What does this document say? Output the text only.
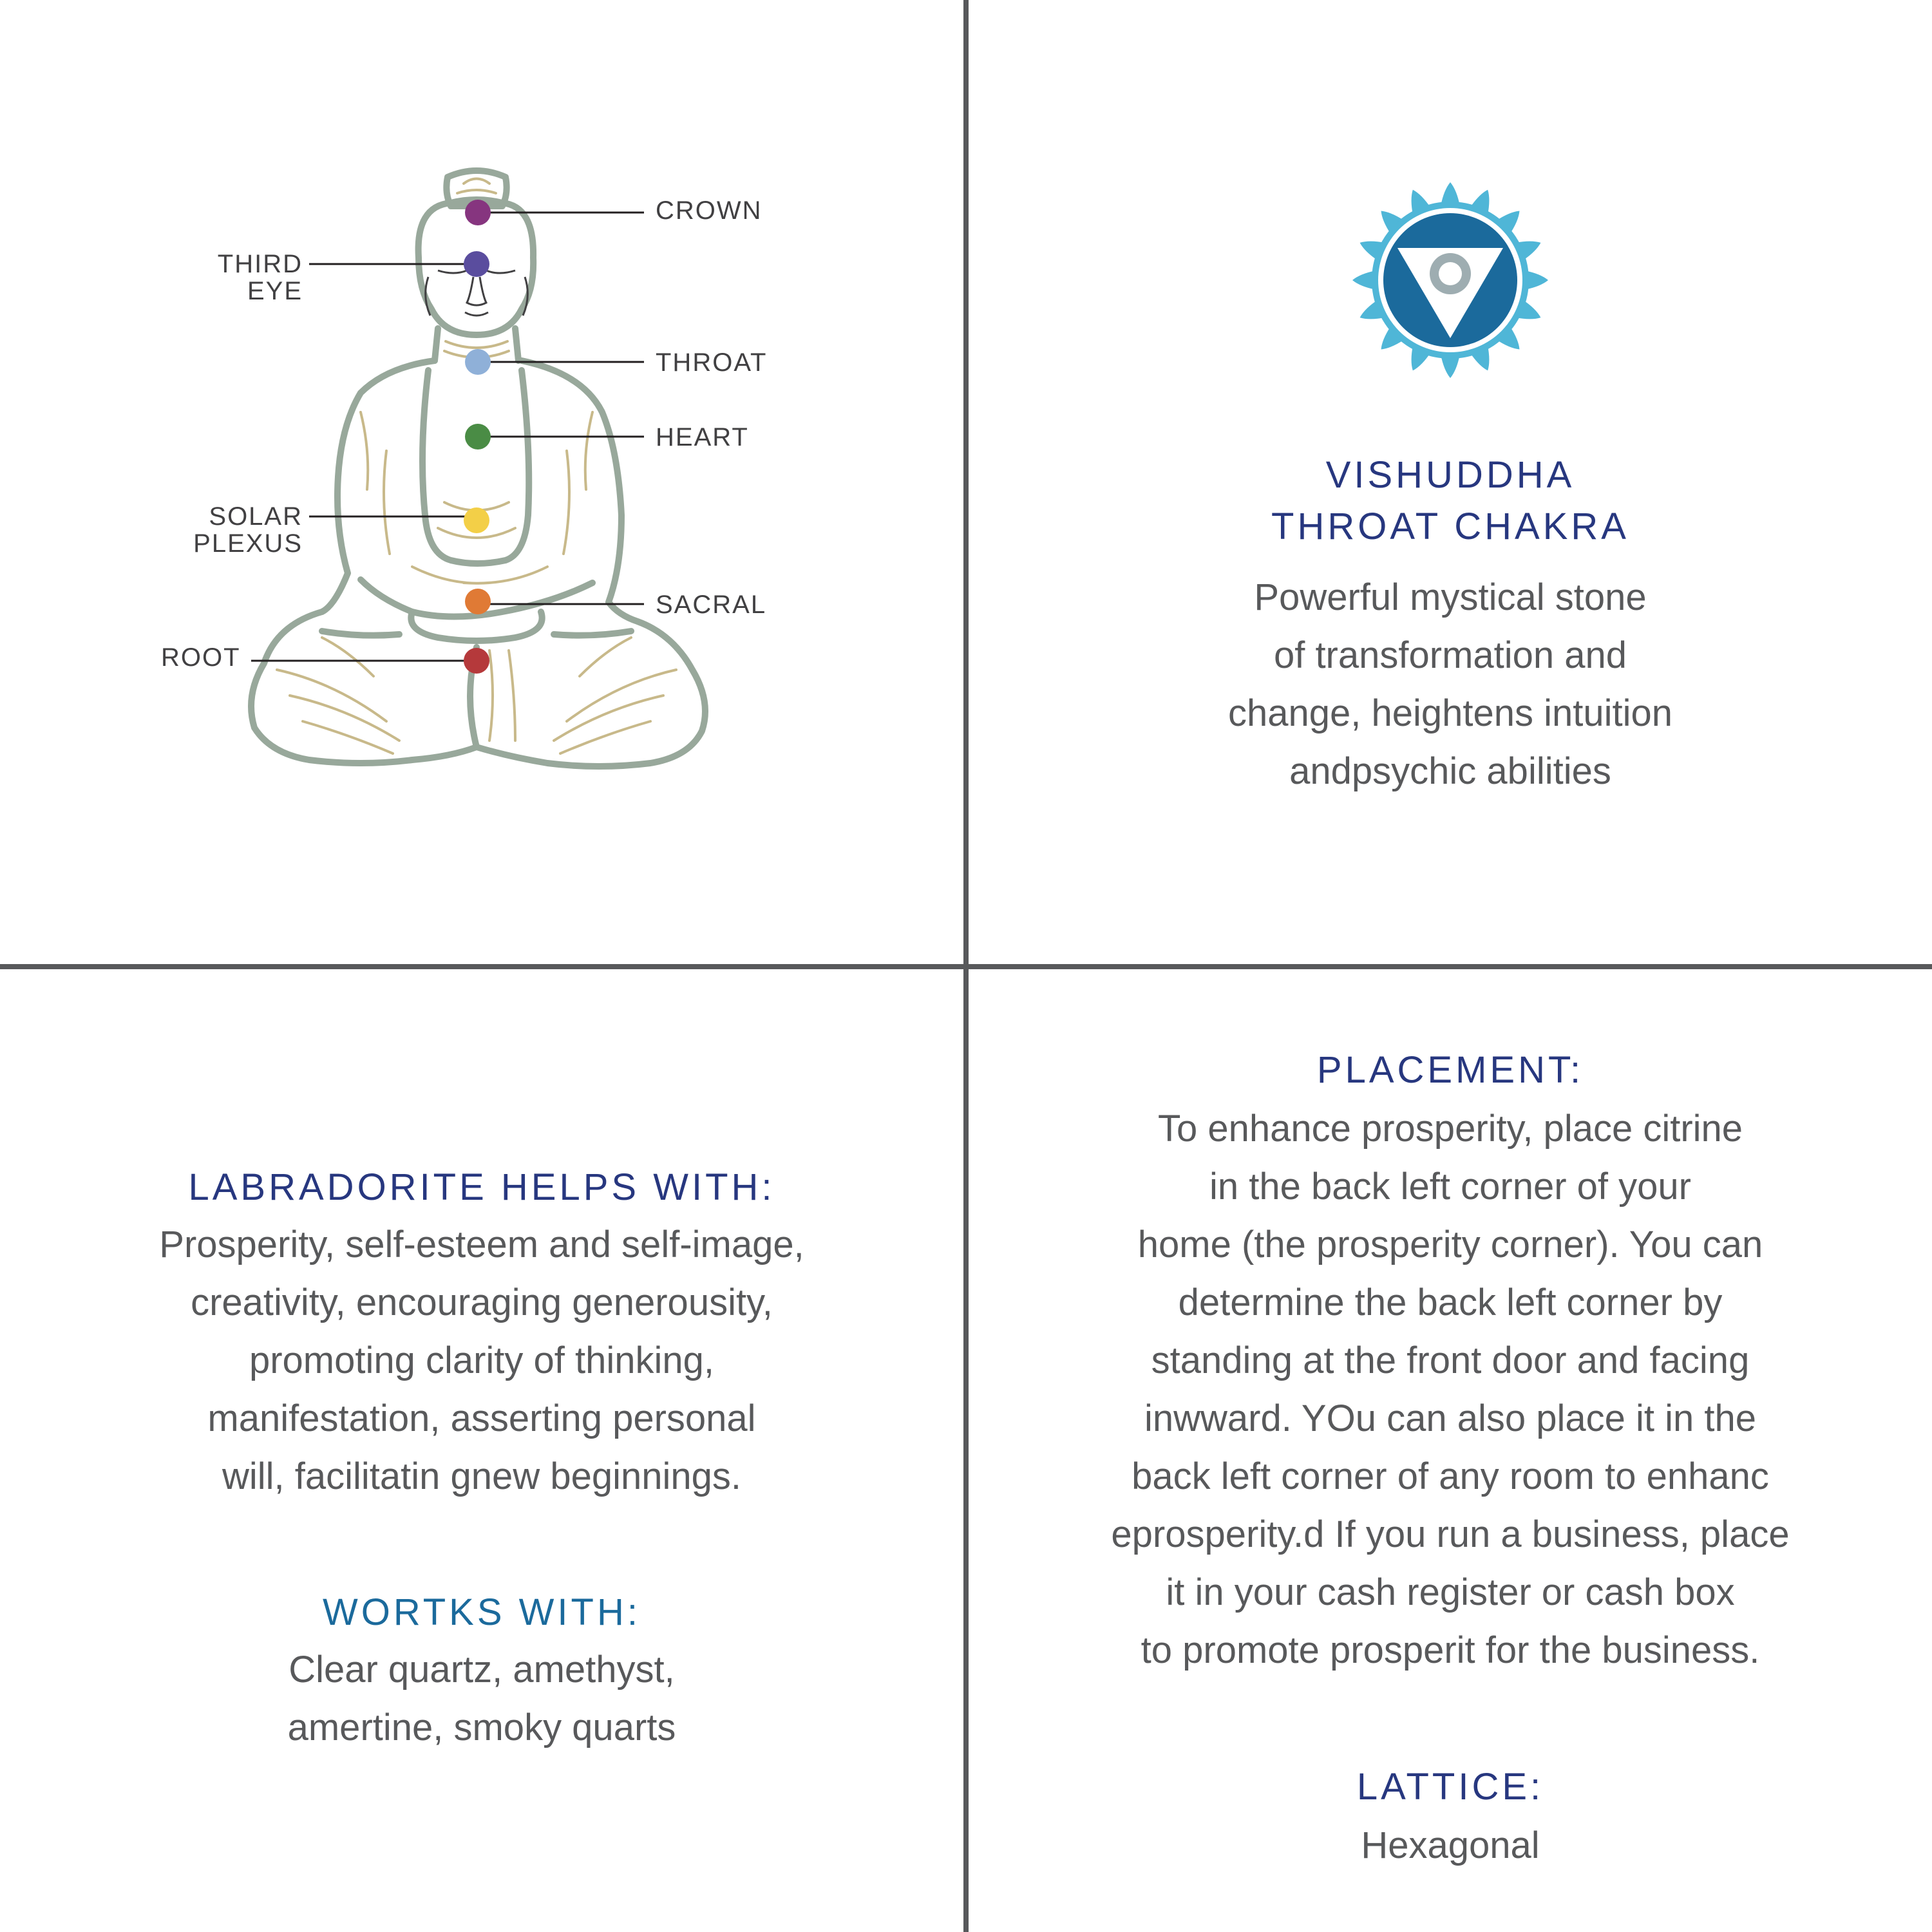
CROWN
THIRD
EYE
THROAT
HEART
SOLAR
PLEXUS
SACRAL
ROOT
VISHUDDHA
THROAT CHAKRA
Powerful mystical stone
of transformation and
change, heightens intuition
andpsychic abilities
LABRADORITE HELPS WITH:
Prosperity, self-esteem and self-image,
creativity, encouraging generousity,
promoting clarity of thinking,
manifestation, asserting personal
will, facilitatin gnew beginnings.
WORTKS WITH:
Clear quartz, amethyst,
amertine, smoky quarts
PLACEMENT:
To enhance prosperity, place citrine
in the back left corner of your
home (the prosperity corner). You can
determine the back left corner by
standing at the front door and facing
inwward. YOu can also place it in the
back left corner of any room to enhanc
eprosperity.d If you run a business, place
it in your cash register or cash box
to promote prosperit for the business.
LATTICE:
Hexagonal
